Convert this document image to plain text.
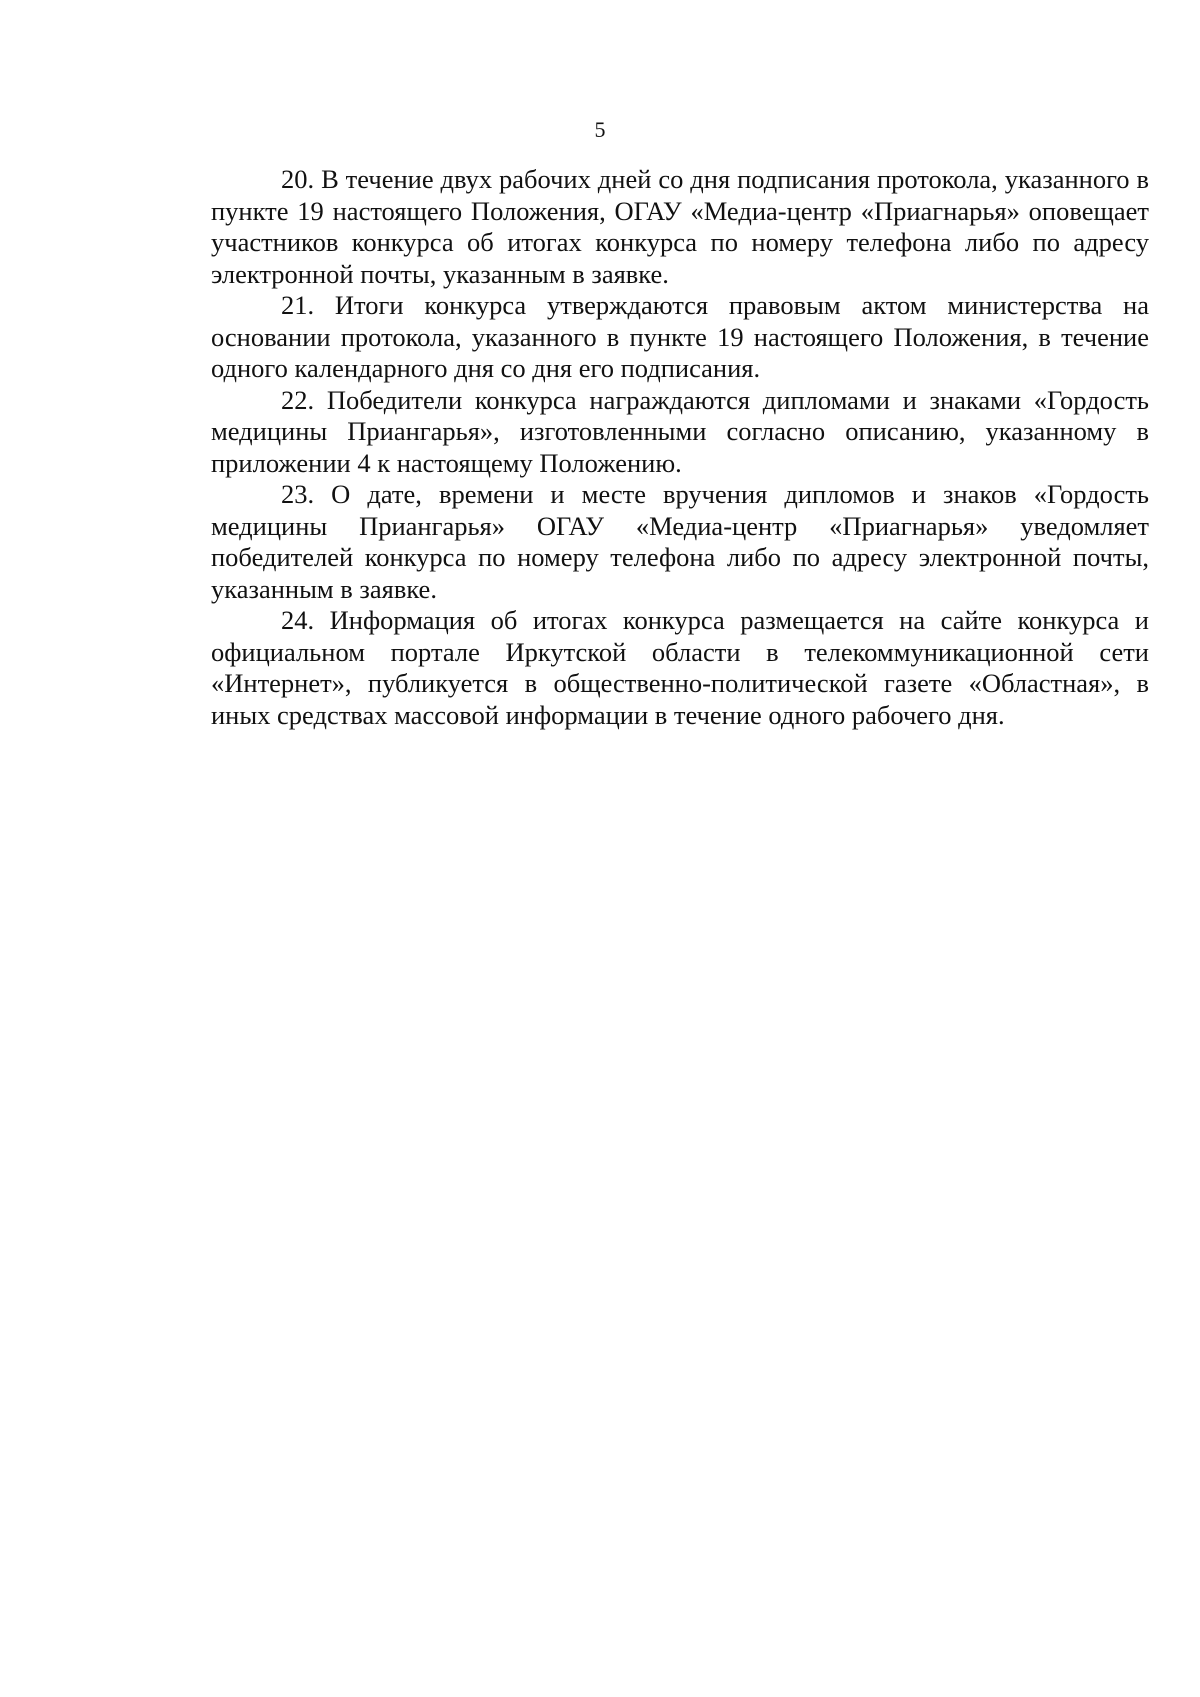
5

20. В течение двух рабочих дней со дня подписания протокола, указанного в пункте 19 настоящего Положения, ОГАУ «Медиа-центр «Приагнарья» оповещает участников конкурса об итогах конкурса по номеру телефона либо по адресу электронной почты, указанным в заявке.

21. Итоги конкурса утверждаются правовым актом министерства на основании протокола, указанного в пункте 19 настоящего Положения, в течение одного календарного дня со дня его подписания.

22. Победители конкурса награждаются дипломами и знаками «Гордость медицины Приангарья», изготовленными согласно описанию, указанному в приложении 4 к настоящему Положению.

23. О дате, времени и месте вручения дипломов и знаков «Гордость медицины Приангарья» ОГАУ «Медиа-центр «Приагнарья» уведомляет победителей конкурса по номеру телефона либо по адресу электронной почты, указанным в заявке.

24. Информация об итогах конкурса размещается на сайте конкурса и официальном портале Иркутской области в телекоммуникационной сети «Интернет», публикуется в общественно-политической газете «Областная», в иных средствах массовой информации в течение одного рабочего дня.
